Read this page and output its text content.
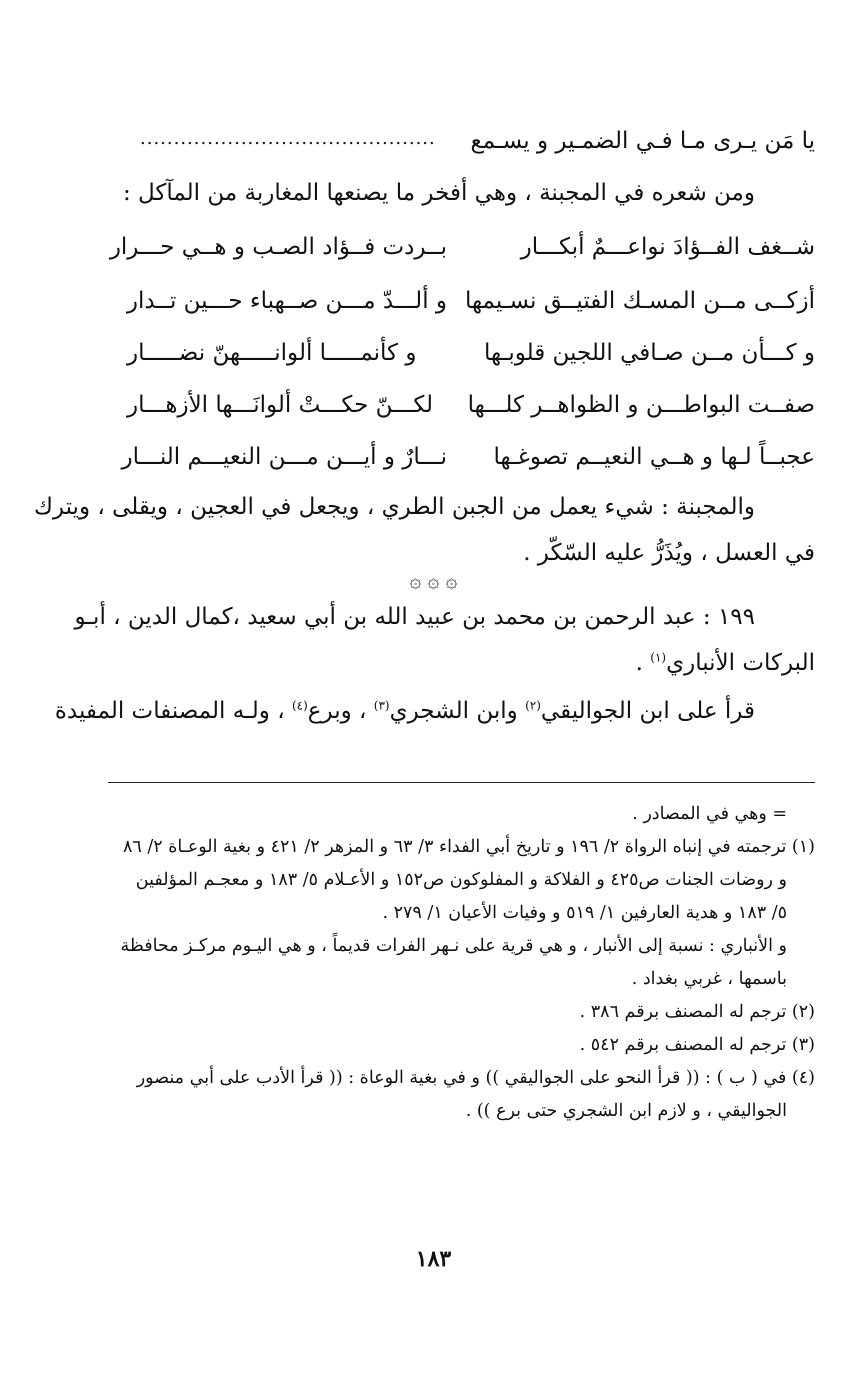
يا مَن يـرى مـا فـي الضمـير و يسـمع
............................................
ومن شعره في المجبنة ، وهي أفخر ما يصنعها المغاربة من المآكل :
شــغف الفــؤادَ نواعـــمٌ أبكـــار
بــردت فــؤاد الصـب و هــي حـــرار
أزكــى مــن المسـك الفتيــق نسـيمها
و ألـــدّ مـــن صــهباء حـــين تــدار
و كـــأن مــن صـافي اللجين قلوبـها
و كأنمـــــا ألوانـــــهنّ نضـــــار
صفــت البواطـــن و الظواهــر كلـــها
لكـــنّ حكـــتْ ألوانَـــها الأزهـــار
عجبــاً لـها و هــي النعيــم تصوغـها
نـــارٌ و أيـــن مـــن النعيـــم النـــار
والمجبنة : شيء يعمل من الجبن الطري ، ويجعل في العجين ، ويقلى ، ويترك
في العسل ، ويُذَرُّ عليه السّكّر .
۞ ۞ ۞
١٩٩ : عبد الرحمن بن محمد بن عبيد الله بن أبي سعيد ،كمال الدين ، أبـو
البركات الأنباري$^{(١)}$ .
قرأ على ابن الجواليقي$^{(٢)}$ وابن الشجري$^{(٣)}$ ، وبرع$^{(٤)}$ ، ولـه المصنفات المفيدة

= وهي في المصادر .

(١) ترجمته في إنباه الرواة ٢/ ١٩٦ و تاريخ أبي الفداء ٣/ ٦٣ و المزهر ٢/ ٤٢١ و بغية الوعـاة ٢/ ٨٦

و روضات الجنات ص٤٢٥ و الفلاكة و المفلوكون ص١٥٢ و الأعـلام ٥/ ١٨٣ و معجـم المؤلفين

٥/ ١٨٣ و هدية العارفين ١/ ٥١٩ و وفيات الأعيان ١/ ٢٧٩ .

و الأنباري : نسبة إلى الأنبار ، و هي قرية على نـهر الفرات قديماً ، و هي اليـوم مركـز محافظة

باسمها ، غربي بغداد .

(٢) ترجم له المصنف برقم ٣٨٦ .

(٣) ترجم له المصنف برقم ٥٤٢ .

(٤) في ( ب ) : (( قرأ النحو على الجواليقي )) و في بغية الوعاة : (( قرأ الأدب على أبي منصور

الجواليقي ، و لازم ابن الشجري حتى برع )) .

١٨٣
